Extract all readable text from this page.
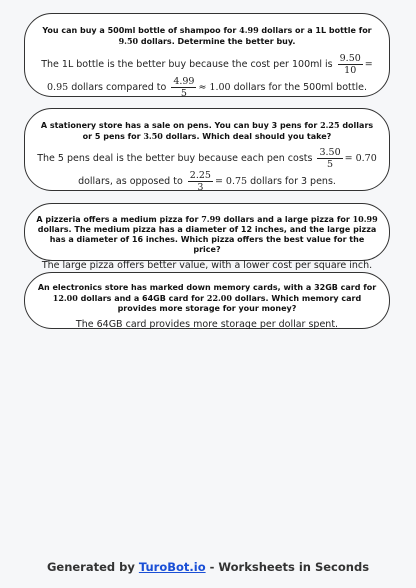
You can buy a 500ml bottle of shampoo for 4.99 dollars or a 1L bottle for 9.50 dollars. Determine the better buy.
The 1L bottle is the better buy because the cost per 100ml is $\frac{9.50}{10} = 0.95$ dollars compared to $\frac{4.99}{5} \approx 1.00$ dollars for the 500ml bottle.
A stationery store has a sale on pens. You can buy 3 pens for 2.25 dollars or 5 pens for 3.50 dollars. Which deal should you take?
The 5 pens deal is the better buy because each pen costs $\frac{3.50}{5} = 0.70$ dollars, as opposed to $\frac{2.25}{3} = 0.75$ dollars for 3 pens.
A pizzeria offers a medium pizza for 7.99 dollars and a large pizza for 10.99 dollars. The medium pizza has a diameter of 12 inches, and the large pizza has a diameter of 16 inches. Which pizza offers the best value for the price?
The large pizza offers better value, with a lower cost per square inch.
An electronics store has marked down memory cards, with a 32GB card for 12.00 dollars and a 64GB card for 22.00 dollars. Which memory card provides more storage for your money?
The 64GB card provides more storage per dollar spent.
Generated by TuroBot.io - Worksheets in Seconds
